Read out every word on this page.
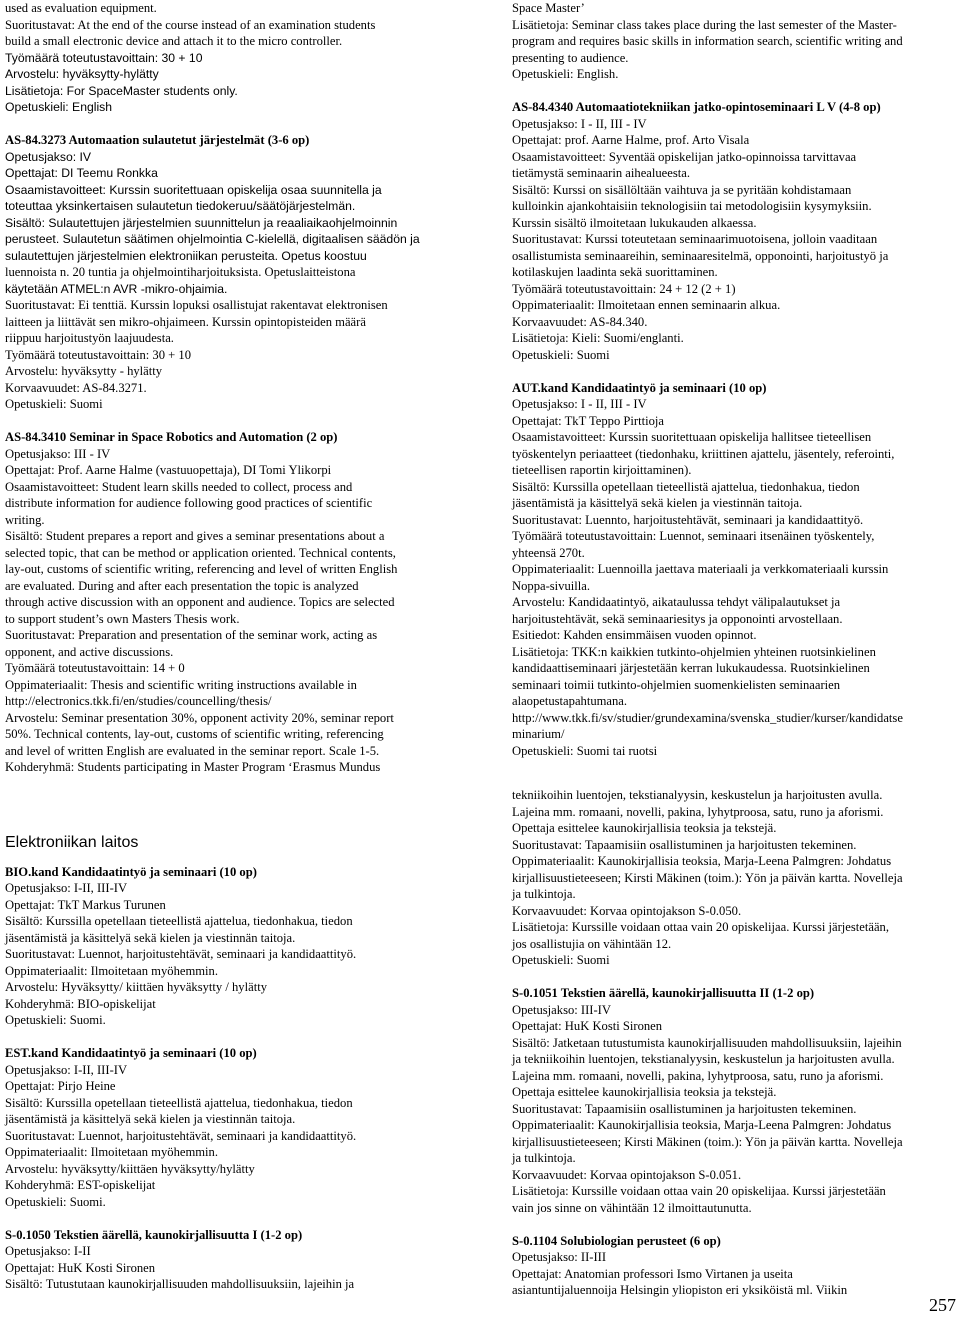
used as evaluation equipment.
Suoritustavat: At the end of the course instead of an examination students
build a small electronic device and attach it to the micro controller.
Työmäärä toteutustavoittain: 30 + 10
Arvostelu: hyväksytty-hylätty
Lisätietoja: For SpaceMaster students only.
Opetuskieli: English
AS-84.3273 Automaation sulautetut järjestelmät (3-6 op)
Opetusjakso: IV
Opettajat: DI Teemu Ronkka
Osaamistavoitteet: Kurssin suoritettuaan opiskelija osaa suunnitella ja
toteuttaa yksinkertaisen sulautetun tiedokeruu/säätöjärjestelmän.
Sisältö: Sulautettujen järjestelmien suunnittelun ja reaaliaikaohjelmoinnin
perusteet. Sulautetun säätimen ohjelmointia C-kielellä, digitaalisen säädön ja
sulautettujen järjestelmien elektroniikan perusteita. Opetus koostuu
luennoista n. 20 tuntia ja ohjelmointiharjoituksista. Opetuslaitteistona
käytetään ATMEL:n AVR -mikro-ohjaimia.
Suoritustavat: Ei tenttiä. Kurssin lopuksi osallistujat rakentavat elektronisen
laitteen ja liittävät sen mikro-ohjaimeen. Kurssin opintopisteiden määrä
riippuu harjoitustyön laajuudesta.
Työmäärä toteutustavoittain: 30 + 10
Arvostelu: hyväksytty - hylätty
Korvaavuudet: AS-84.3271.
Opetuskieli: Suomi
AS-84.3410 Seminar in Space Robotics and Automation (2 op)
Opetusjakso: III - IV
Opettajat: Prof. Aarne Halme (vastuuopettaja), DI Tomi Ylikorpi
Osaamistavoitteet: Student learn skills needed to collect, process and
distribute information for audience following good practices of scientific
writing.
Sisältö: Student prepares a report and gives a seminar presentations about a
selected topic, that can be method or application oriented. Technical contents,
lay-out, customs of scientific writing, referencing and level of written English
are evaluated. During and after each presentation the topic is analyzed
through active discussion with an opponent and audience. Topics are selected
to support student’s own Masters Thesis work.
Suoritustavat: Preparation and presentation of the seminar work, acting as
opponent, and active discussions.
Työmäärä toteutustavoittain: 14 + 0
Oppimateriaalit: Thesis and scientific writing instructions available in
http://electronics.tkk.fi/en/studies/councelling/thesis/
Arvostelu: Seminar presentation 30%, opponent activity 20%, seminar report
50%. Technical contents, lay-out, customs of scientific writing, referencing
and level of written English are evaluated in the seminar report. Scale 1-5.
Kohderyhmä: Students participating in Master Program ‘Erasmus Mundus
Elektroniikan laitos
BIO.kand Kandidaatintyö ja seminaari (10 op)
Opetusjakso: I-II, III-IV
Opettajat: TkT Markus Turunen
Sisältö: Kurssilla opetellaan tieteellistä ajattelua, tiedonhakua, tiedon
jäsentämistä ja käsittelyä sekä kielen ja viestinnän taitoja.
Suoritustavat: Luennot, harjoitustehtävät, seminaari ja kandidaattityö.
Oppimateriaalit: Ilmoitetaan myöhemmin.
Arvostelu: Hyväksytty/ kiittäen hyväksytty / hylätty
Kohderyhmä: BIO-opiskelijat
Opetuskieli: Suomi.
EST.kand Kandidaatintyö ja seminaari (10 op)
Opetusjakso: I-II, III-IV
Opettajat: Pirjo Heine
Sisältö: Kurssilla opetellaan tieteellistä ajattelua, tiedonhakua, tiedon
jäsentämistä ja käsittelyä sekä kielen ja viestinnän taitoja.
Suoritustavat: Luennot, harjoitustehtävät, seminaari ja kandidaattityö.
Oppimateriaalit: Ilmoitetaan myöhemmin.
Arvostelu: hyväksytty/kiittäen hyväksytty/hylätty
Kohderyhmä: EST-opiskelijat
Opetuskieli: Suomi.
S-0.1050 Tekstien äärellä, kaunokirjallisuutta I (1-2 op)
Opetusjakso: I-II
Opettajat: HuK Kosti Sironen
Sisältö: Tutustutaan kaunokirjallisuuden mahdollisuuksiin, lajeihin ja
Space Master’
Lisätietoja: Seminar class takes place during the last semester of the Master-
program and requires basic skills in information search, scientific writing and
presenting to audience.
Opetuskieli: English.
AS-84.4340 Automaatiotekniikan jatko-opintoseminaari L V (4-8 op)
Opetusjakso: I - II, III - IV
Opettajat: prof. Aarne Halme, prof. Arto Visala
Osaamistavoitteet: Syventää opiskelijan jatko-opinnoissa tarvittavaa
tietämystä seminaarin aihealueesta.
Sisältö: Kurssi on sisällöltään vaihtuva ja se pyritään kohdistamaan
kulloinkin ajankohtaisiin teknologisiin tai metodologisiin kysymyksiin.
Kurssin sisältö ilmoitetaan lukukauden alkaessa.
Suoritustavat: Kurssi toteutetaan seminaarimuotoisena, jolloin vaaditaan
osallistumista seminaareihin, seminaaresitelmä, opponointi, harjoitustyö ja
kotilaskujen laadinta sekä suorittaminen.
Työmäärä toteutustavoittain: 24 + 12 (2 + 1)
Oppimateriaalit: Ilmoitetaan ennen seminaarin alkua.
Korvaavuudet: AS-84.340.
Lisätietoja: Kieli: Suomi/englanti.
Opetuskieli: Suomi
AUT.kand Kandidaatintyö ja seminaari (10 op)
Opetusjakso: I - II, III - IV
Opettajat: TkT Teppo Pirttioja
Osaamistavoitteet: Kurssin suoritettuaan opiskelija hallitsee tieteellisen
työskentelyn periaatteet (tiedonhaku, kriittinen ajattelu, jäsentely, referointi,
tieteellisen raportin kirjoittaminen).
Sisältö: Kurssilla opetellaan tieteellistä ajattelua, tiedonhakua, tiedon
jäsentämistä ja käsittelyä sekä kielen ja viestinnän taitoja.
Suoritustavat: Luennto, harjoitustehtävät, seminaari ja kandidaattityö.
Työmäärä toteutustavoittain: Luennot, seminaari itsenäinen työskentely,
yhteensä 270t.
Oppimateriaalit: Luennoilla jaettava materiaali ja verkkomateriaali kurssin
Noppa-sivuilla.
Arvostelu: Kandidaatintyö, aikataulussa tehdyt välipalautukset ja
harjoitustehtävät, sekä seminaariesitys ja opponointi arvostellaan.
Esitiedot: Kahden ensimmäisen vuoden opinnot.
Lisätietoja: TKK:n kaikkien tutkinto-ohjelmien yhteinen ruotsinkielinen
kandidaattiseminaari järjestetään kerran lukukaudessa. Ruotsinkielinen
seminaari toimii tutkinto-ohjelmien suomenkielisten seminaarien
alaopetustapahtumana.
http://www.tkk.fi/sv/studier/grundexamina/svenska_studier/kurser/kandidatse
minarium/
Opetuskieli: Suomi tai ruotsi
tekniikoihin luentojen, tekstianalyysin, keskustelun ja harjoitusten avulla.
Lajeina mm. romaani, novelli, pakina, lyhytproosa, satu, runo ja aforismi.
Opettaja esittelee kaunokirjallisia teoksia ja tekstejä.
Suoritustavat: Tapaamisiin osallistuminen ja harjoitusten tekeminen.
Oppimateriaalit: Kaunokirjallisia teoksia, Marja-Leena Palmgren: Johdatus
kirjallisuustieteeseen; Kirsti Mäkinen (toim.): Yön ja päivän kartta. Novelleja
ja tulkintoja.
Korvaavuudet: Korvaa opintojakson S-0.050.
Lisätietoja: Kurssille voidaan ottaa vain 20 opiskelijaa. Kurssi järjestetään,
jos osallistujia on vähintään 12.
Opetuskieli: Suomi
S-0.1051 Tekstien äärellä, kaunokirjallisuutta II (1-2 op)
Opetusjakso: III-IV
Opettajat: HuK Kosti Sironen
Sisältö: Jatketaan tutustumista kaunokirjallisuuden mahdollisuuksiin, lajeihin
ja tekniikoihin luentojen, tekstianalyysin, keskustelun ja harjoitusten avulla.
Lajeina mm. romaani, novelli, pakina, lyhytproosa, satu, runo ja aforismi.
Opettaja esittelee kaunokirjallisia teoksia ja tekstejä.
Suoritustavat: Tapaamisiin osallistuminen ja harjoitusten tekeminen.
Oppimateriaalit: Kaunokirjallisia teoksia, Marja-Leena Palmgren: Johdatus
kirjallisuustieteeseen; Kirsti Mäkinen (toim.): Yön ja päivän kartta. Novelleja
ja tulkintoja.
Korvaavuudet: Korvaa opintojakson S-0.051.
Lisätietoja: Kurssille voidaan ottaa vain 20 opiskelijaa. Kurssi järjestetään
vain jos sinne on vähintään 12 ilmoittautunutta.
S-0.1104 Solubiologian perusteet (6 op)
Opetusjakso: II-III
Opettajat: Anatomian professori Ismo Virtanen ja useita
asiantuntijaluennoija Helsingin yliopiston eri yksiköistä ml. Viikin
257
